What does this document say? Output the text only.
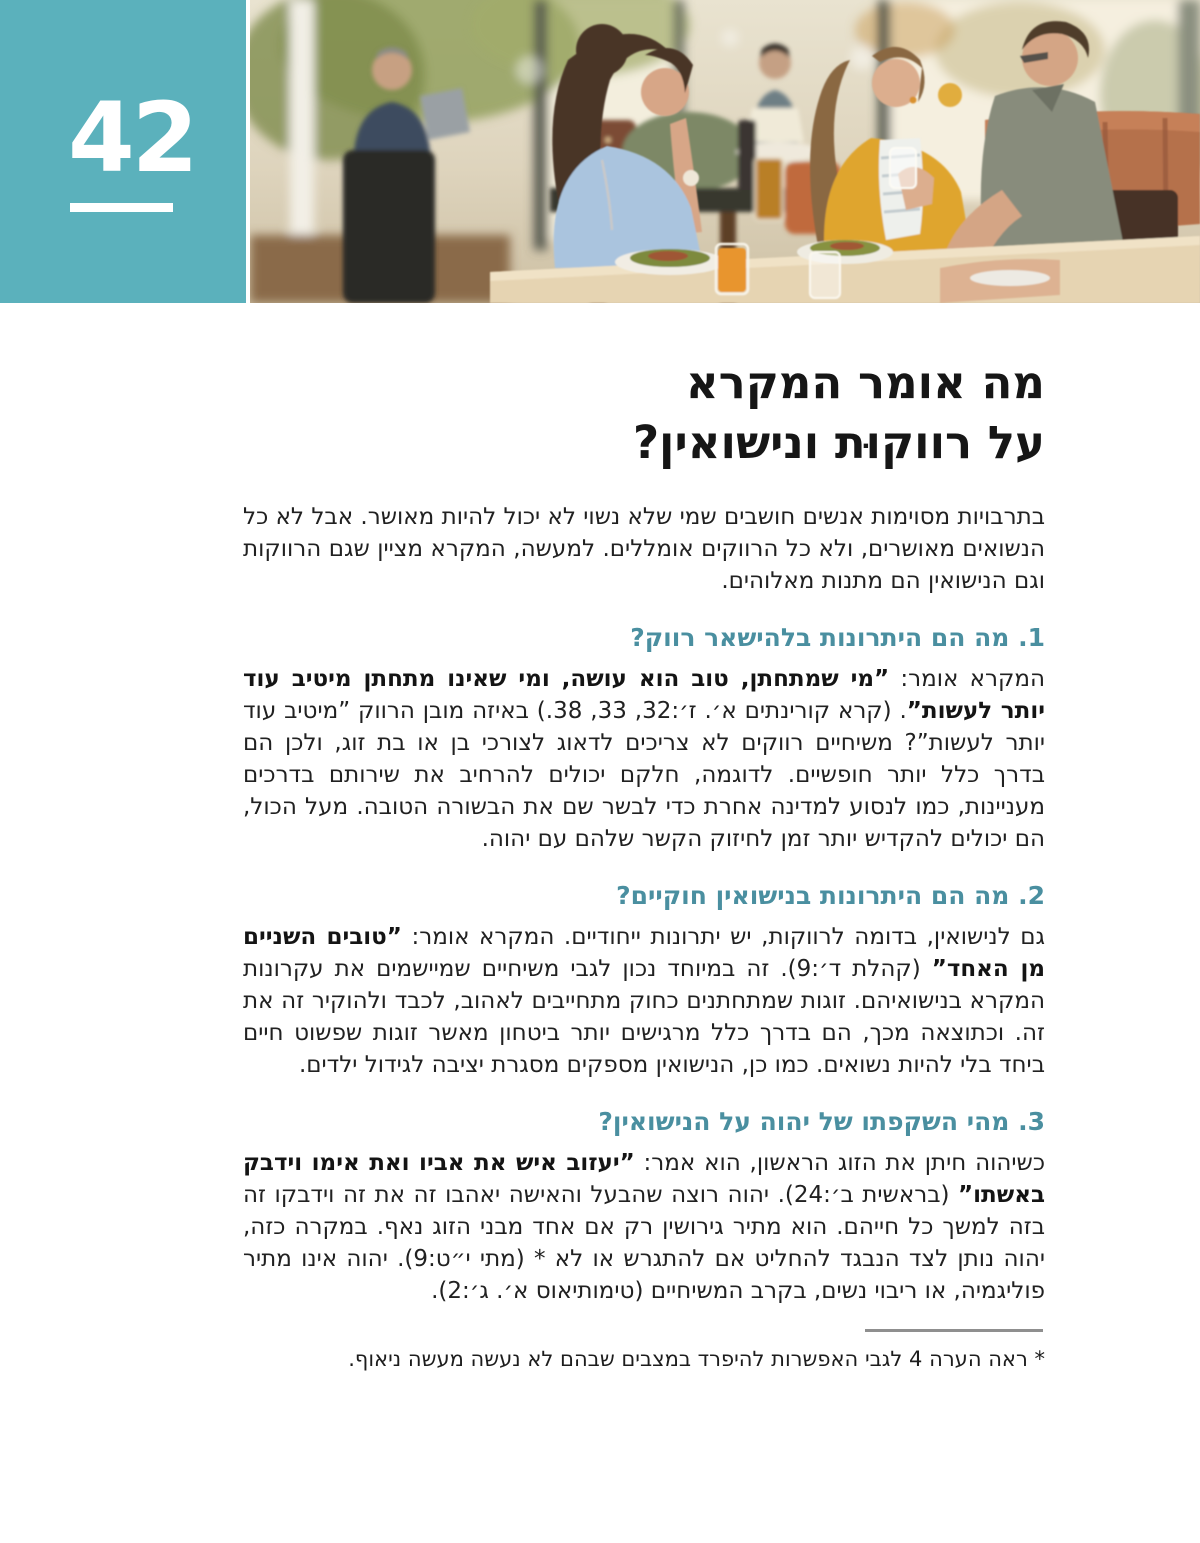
42
מה אומר המקרא
על רווקוּת ונישואין?

בתרבויות מסוימות אנשים חושבים שמי שלא נשוי לא יכול להיות מאושר. אבל לא כל הנשואים מאושרים, ולא כל הרווקים אומללים. למעשה, המקרא מציין שגם הרווקות וגם הנישואין הם מתנות מאלוהים.

1. מה הם היתרונות בלהישאר רווק?

המקרא אומר: ”מי שמתחתן, טוב הוא עושה, ומי שאינו מתחתן מיטיב עוד יותר לעשות”. (קרא קורינתים א׳. ז׳:32, 33, 38.) באיזה מובן הרווק ”מיטיב עוד יותר לעשות”? משיחיים רווקים לא צריכים לדאוג לצורכי בן או בת זוג, ולכן הם בדרך כלל יותר חופשיים. לדוגמה, חלקם יכולים להרחיב את שירותם בדרכים מעניינות, כמו לנסוע למדינה אחרת כדי לבשר שם את הבשורה הטובה. מעל הכול, הם יכולים להקדיש יותר זמן לחיזוק הקשר שלהם עם יהוה.

2. מה הם היתרונות בנישואין חוקיים?

גם לנישואין, בדומה לרווקות, יש יתרונות ייחודיים. המקרא אומר: ”טובים השניים מן האחד” (קהלת ד׳:9). זה במיוחד נכון לגבי משיחיים שמיישמים את עקרונות המקרא בנישואיהם. זוגות שמתחתנים כחוק מתחייבים לאהוב, לכבד ולהוקיר זה את זה. וכתוצאה מכך, הם בדרך כלל מרגישים יותר ביטחון מאשר זוגות שפשוט חיים ביחד בלי להיות נשואים. כמו כן, הנישואין מספקים מסגרת יציבה לגידול ילדים.

3. מהי השקפתו של יהוה על הנישואין?

כשיהוה חיתן את הזוג הראשון, הוא אמר: ”יעזוב איש את אביו ואת אימו וידבק באשתו” (בראשית ב׳:24). יהוה רוצה שהבעל והאישה יאהבו זה את זה וידבקו זה בזה למשך כל חייהם. הוא מתיר גירושין רק אם אחד מבני הזוג נאף. במקרה כזה, יהוה נותן לצד הנבגד להחליט אם להתגרש או לא * (מתי י״ט:9). יהוה אינו מתיר פוליגמיה, או ריבוי נשים, בקרב המשיחיים (טימותיאוס א׳. ג׳:2).

* ראה הערה 4 לגבי האפשרות להיפרד במצבים שבהם לא נעשה מעשה ניאוף.
